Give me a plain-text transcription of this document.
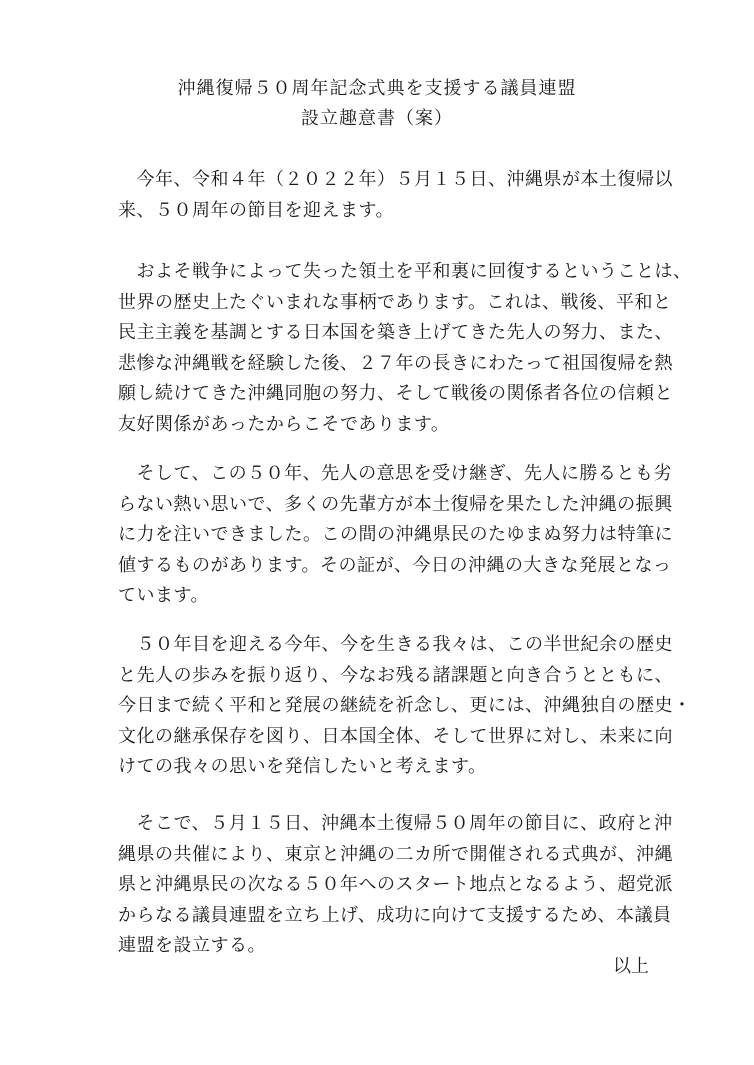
沖縄復帰５０周年記念式典を支援する議員連盟
設立趣意書（案）
　今年、令和４年（２０２２年）５月１５日、沖縄県が本土復帰以
来、５０周年の節目を迎えます。
　およそ戦争によって失った領土を平和裏に回復するということは、
世界の歴史上たぐいまれな事柄であります。これは、戦後、平和と
民主主義を基調とする日本国を築き上げてきた先人の努力、また、
悲惨な沖縄戦を経験した後、２７年の長きにわたって祖国復帰を熱
願し続けてきた沖縄同胞の努力、そして戦後の関係者各位の信頼と
友好関係があったからこそであります。
　そして、この５０年、先人の意思を受け継ぎ、先人に勝るとも劣
らない熱い思いで、多くの先輩方が本土復帰を果たした沖縄の振興
に力を注いできました。この間の沖縄県民のたゆまぬ努力は特筆に
値するものがあります。その証が、今日の沖縄の大きな発展となっ
ています。
　５０年目を迎える今年、今を生きる我々は、この半世紀余の歴史
と先人の歩みを振り返り、今なお残る諸課題と向き合うとともに、
今日まで続く平和と発展の継続を祈念し、更には、沖縄独自の歴史・
文化の継承保存を図り、日本国全体、そして世界に対し、未来に向
けての我々の思いを発信したいと考えます。
　そこで、５月１５日、沖縄本土復帰５０周年の節目に、政府と沖
縄県の共催により、東京と沖縄の二カ所で開催される式典が、沖縄
県と沖縄県民の次なる５０年へのスタート地点となるよう、超党派
からなる議員連盟を立ち上げ、成功に向けて支援するため、本議員
連盟を設立する。
以上
